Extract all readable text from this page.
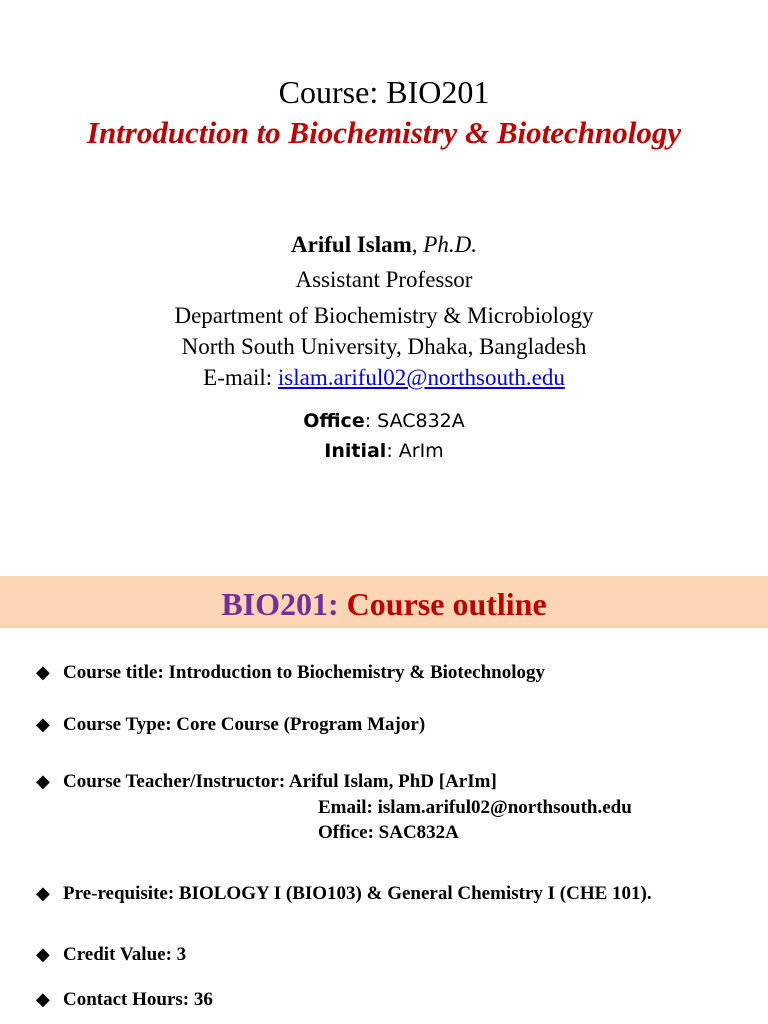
Course: BIO201
Introduction to Biochemistry & Biotechnology
Ariful Islam, Ph.D.
Assistant Professor
Department of Biochemistry & Microbiology
North South University, Dhaka, Bangladesh
E-mail: islam.ariful02@northsouth.edu
Office: SAC832A
Initial: ArIm
BIO201: Course outline
◆ Course title: Introduction to Biochemistry & Biotechnology
◆ Course Type: Core Course (Program Major)
◆ Course Teacher/Instructor: Ariful Islam, PhD [ArIm]
Email: islam.ariful02@northsouth.edu
Office: SAC832A
◆ Pre-requisite: BIOLOGY I (BIO103) & General Chemistry I (CHE 101).
◆ Credit Value: 3
◆ Contact Hours: 36
